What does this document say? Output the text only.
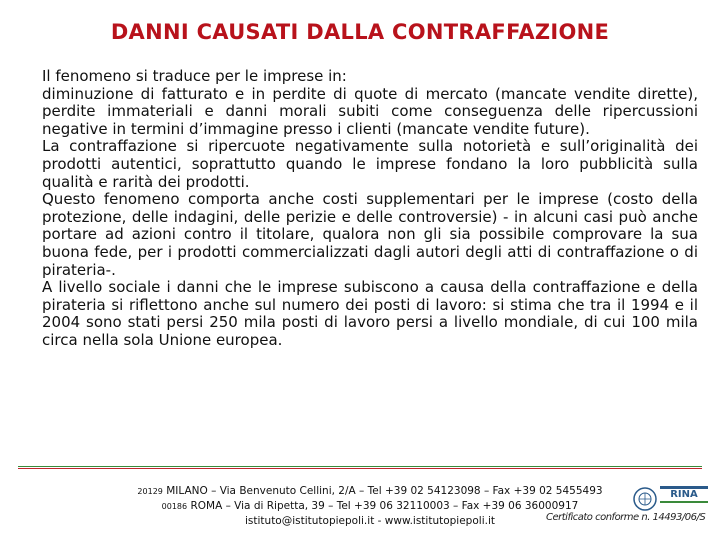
DANNI CAUSATI DALLA CONTRAFFAZIONE

Il fenomeno si traduce per le imprese in:

diminuzione di fatturato e in perdite di quote di mercato (mancate vendite dirette), perdite immateriali e danni morali subiti come conseguenza delle ripercussioni negative in termini d’immagine presso i clienti (mancate vendite future).

La contraffazione si ripercuote negativamente sulla notorietà e sull’originalità dei prodotti autentici, soprattutto quando le imprese fondano la loro pubblicità sulla qualità e rarità dei prodotti.

Questo fenomeno comporta anche costi supplementari per le imprese (costo della protezione, delle indagini, delle perizie e delle controversie) - in alcuni casi può anche portare ad azioni contro il titolare, qualora non gli sia possibile comprovare la sua buona fede, per i prodotti commercializzati dagli autori degli atti di contraffazione o di pirateria-.

A livello sociale i danni che le imprese subiscono a causa della contraffazione e della pirateria si riflettono anche sul numero dei posti di lavoro: si stima che tra il 1994 e il 2004 sono stati persi 250 mila posti di lavoro persi a livello mondiale, di cui 100 mila circa nella sola Unione europea.

20129 MILANO – Via Benvenuto Cellini, 2/A – Tel +39 02 54123098 – Fax +39 02 5455493
00186 ROMA – Via di Ripetta, 39 – Tel +39 06 32110003 – Fax +39 06 36000917
istituto@istitutopiepoli.it - www.istitutopiepoli.it
RINA
Certificato conforme n. 14493/06/S
